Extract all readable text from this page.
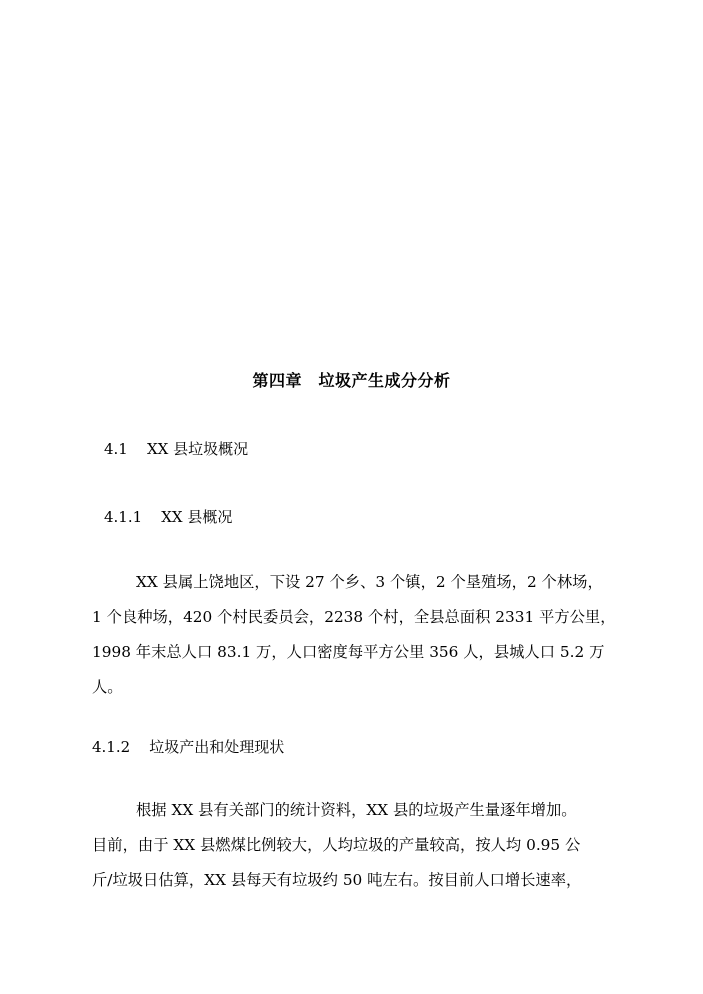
第四章　垃圾产生成分分析
4.1 XX 县垃圾概况
4.1.1 XX 县概况

XX 县属上饶地区，下设 27 个乡、3 个镇，2 个垦殖场，2 个林场，
1 个良种场，420 个村民委员会，2238 个村，全县总面积 2331 平方公里，
1998 年末总人口 83.1 万，人口密度每平方公里 356 人，县城人口 5.2 万
人。

4.1.2 垃圾产出和处理现状

根据 XX 县有关部门的统计资料，XX 县的垃圾产生量逐年增加。
目前，由于 XX 县燃煤比例较大，人均垃圾的产量较高，按人均 0.95 公
斤/垃圾日估算，XX 县每天有垃圾约 50 吨左右。按目前人口增长速率，
